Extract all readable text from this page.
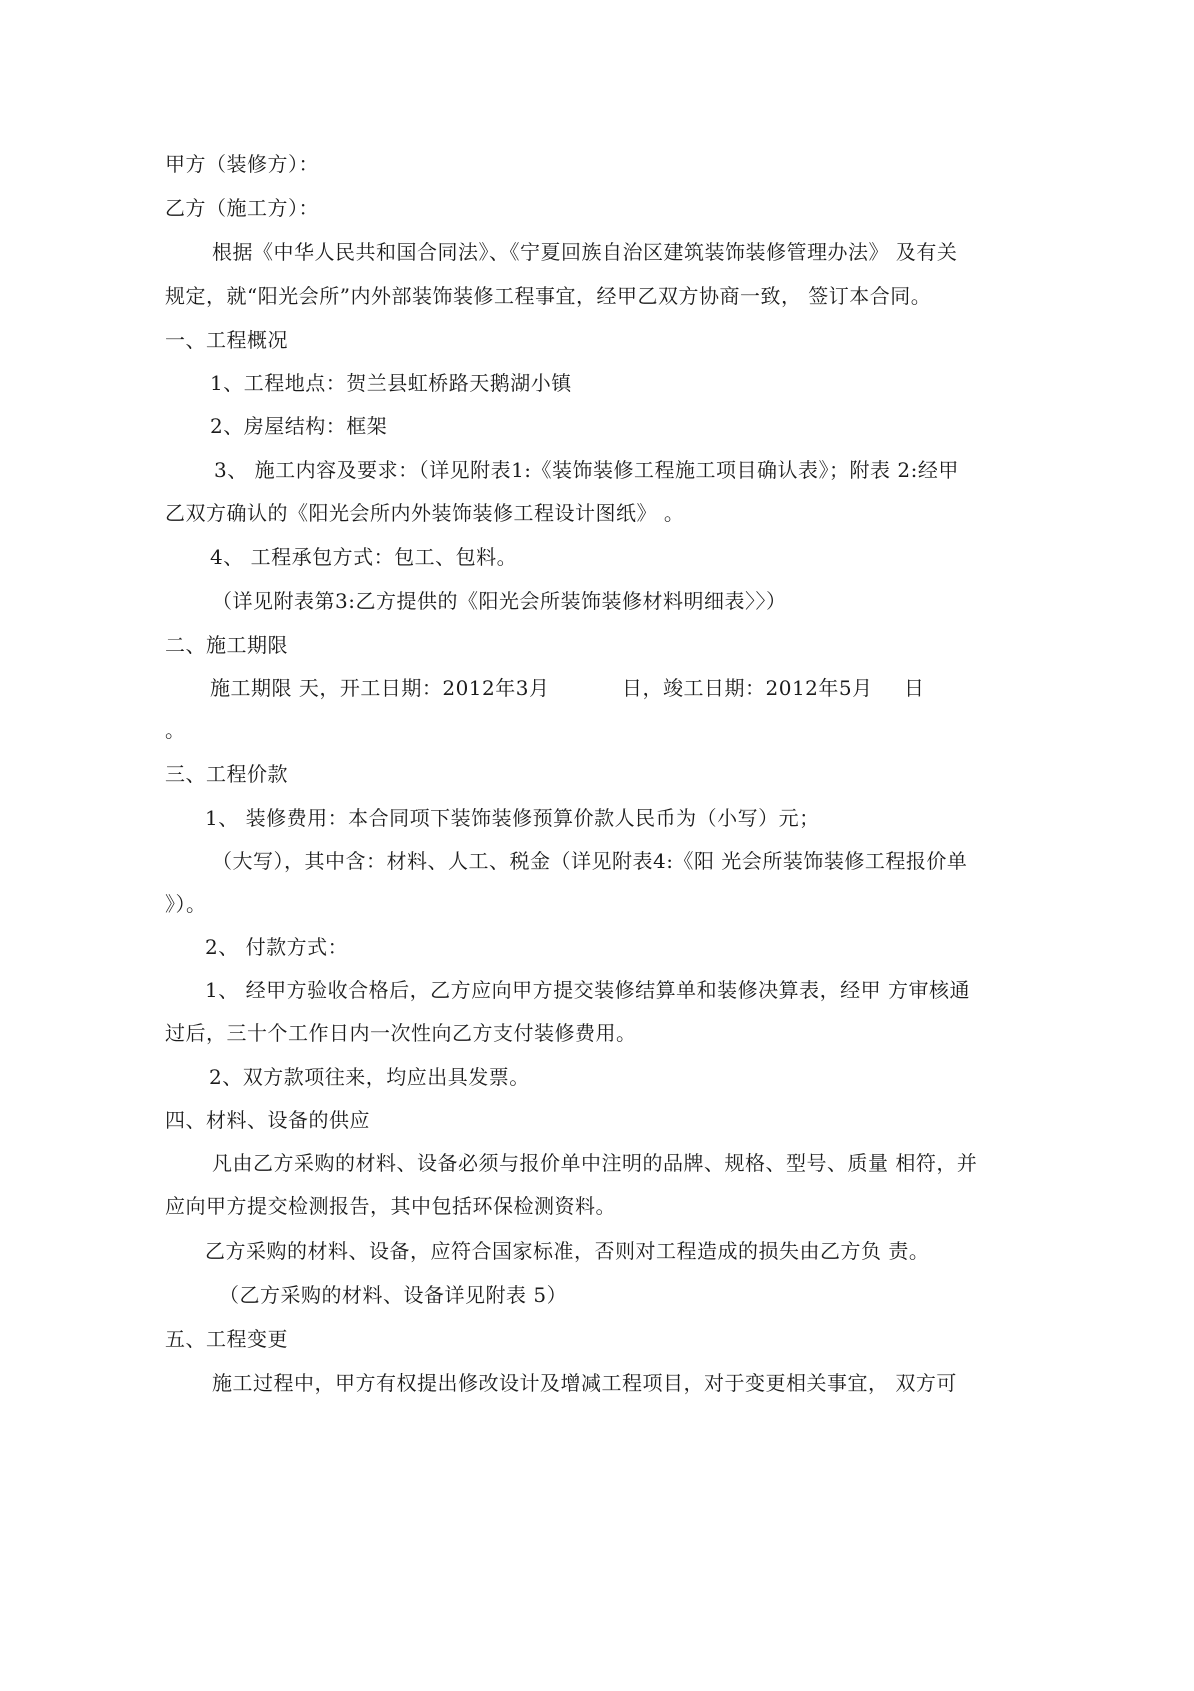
甲方（装修方）：
乙方（施工方）：
根据《中华人民共和国合同法》、《宁夏回族自治区建筑装饰装修管理办法》 及有关
规定，就“阳光会所”内外部装饰装修工程事宜，经甲乙双方协商一致， 签订本合同。
一、工程概况
1、工程地点：贺兰县虹桥路天鹅湖小镇
2、房屋结构：框架
3、 施工内容及要求：（详见附表1:《装饰装修工程施工项目确认表》；附表 2:经甲
乙双方确认的《阳光会所内外装饰装修工程设计图纸》 。
4、 工程承包方式：包工、包料。
（详见附表第3:乙方提供的《阳光会所装饰装修材料明细表〉〉）
二、施工期限
施工期限 天，开工日期：2012年3月	日，竣工日期：2012年5月 日
。
三、工程价款
1、 装修费用：本合同项下装饰装修预算价款人民币为（小写）元；
（大写），其中含：材料、人工、税金（详见附表4:《阳 光会所装饰装修工程报价单
》）。
2、 付款方式：
1、 经甲方验收合格后，乙方应向甲方提交装修结算单和装修决算表，经甲 方审核通
过后，三十个工作日内一次性向乙方支付装修费用。
2、双方款项往来，均应出具发票。
四、材料、设备的供应
凡由乙方采购的材料、设备必须与报价单中注明的品牌、规格、型号、质量 相符，并
应向甲方提交检测报告，其中包括环保检测资料。
乙方采购的材料、设备，应符合国家标准，否则对工程造成的损失由乙方负 责。
（乙方采购的材料、设备详见附表 5）
五、工程变更
施工过程中，甲方有权提出修改设计及增减工程项目，对于变更相关事宜， 双方可
